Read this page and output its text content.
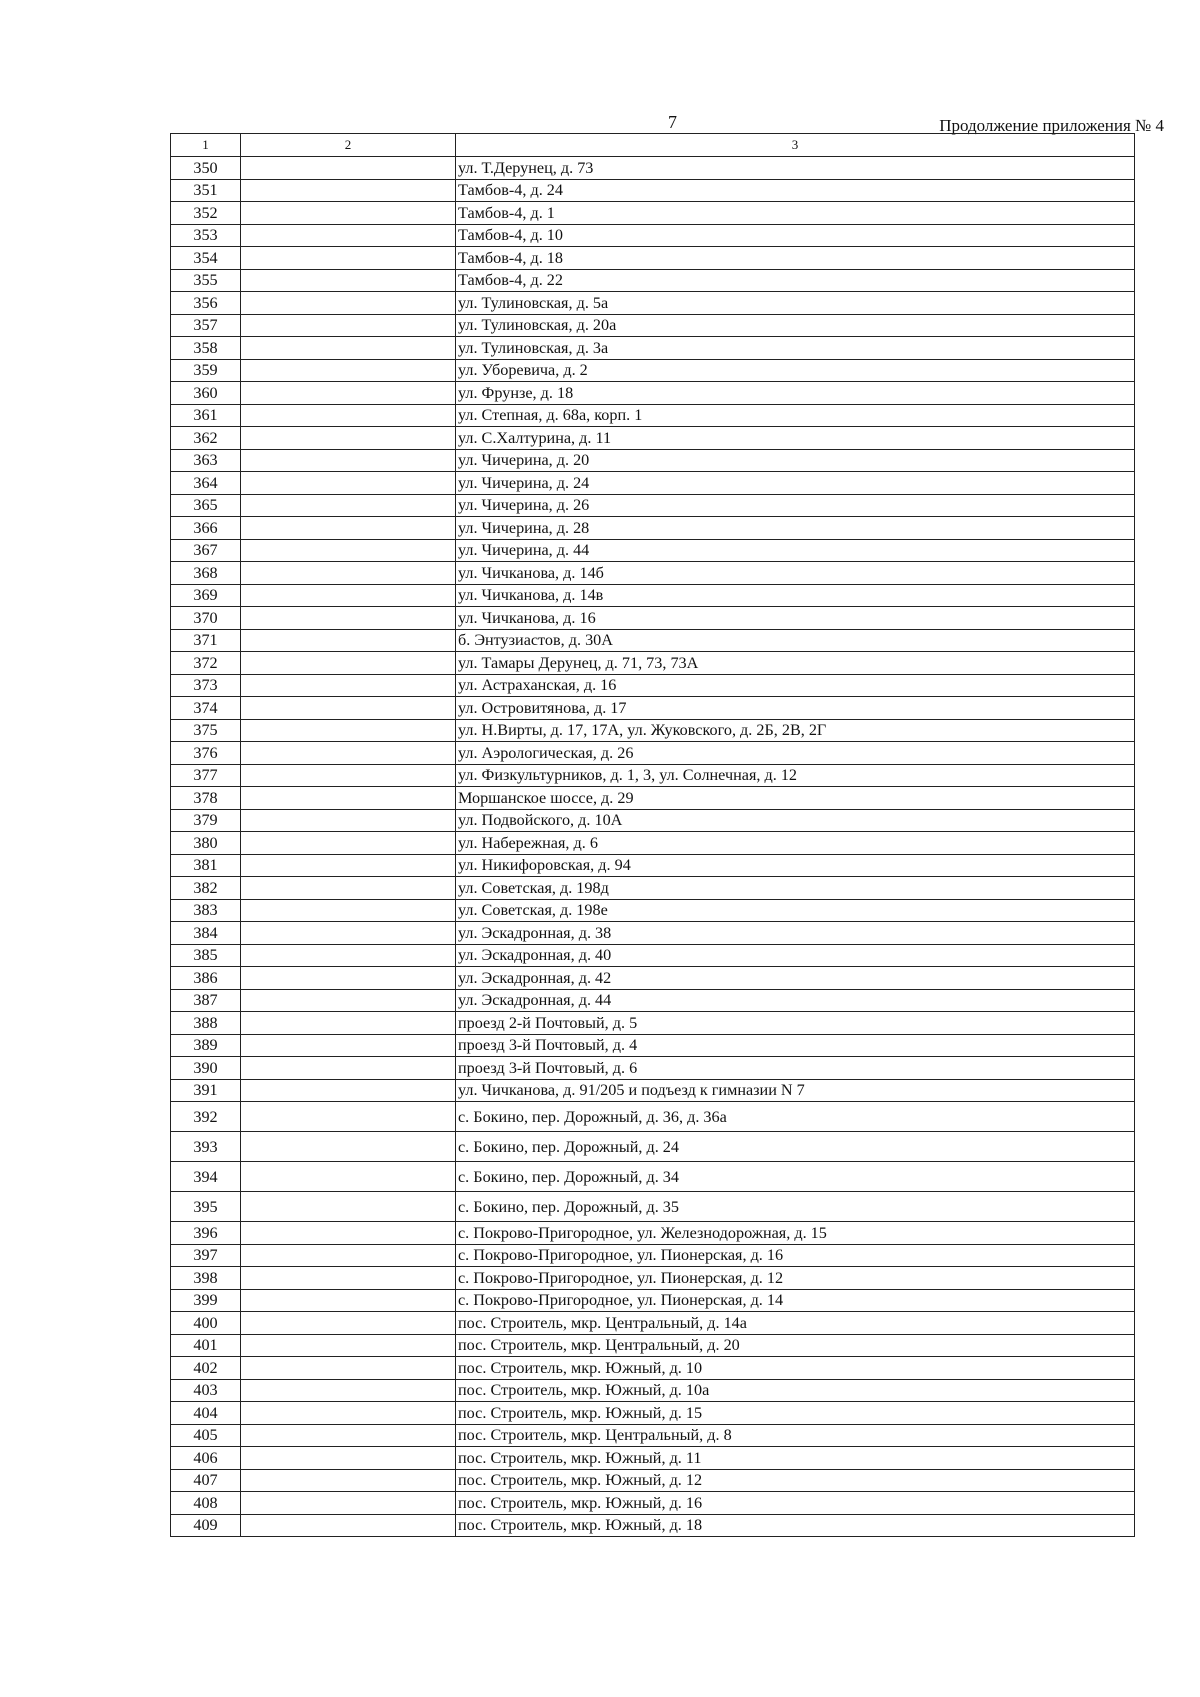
7	Продолжение приложения № 4
1	2	3
350		ул. Т.Дерунец, д. 73
351		Тамбов-4, д. 24
352		Тамбов-4, д. 1
353		Тамбов-4, д. 10
354		Тамбов-4, д. 18
355		Тамбов-4, д. 22
356		ул. Тулиновская, д. 5а
357		ул. Тулиновская, д. 20а
358		ул. Тулиновская, д. 3а
359		ул. Уборевича, д. 2
360		ул. Фрунзе, д. 18
361		ул. Степная, д. 68а, корп. 1
362		ул. С.Халтурина, д. 11
363		ул. Чичерина, д. 20
364		ул. Чичерина, д. 24
365		ул. Чичерина, д. 26
366		ул. Чичерина, д. 28
367		ул. Чичерина, д. 44
368		ул. Чичканова, д. 14б
369		ул. Чичканова, д. 14в
370		ул. Чичканова, д. 16
371		б. Энтузиастов, д. 30А
372		ул. Тамары Дерунец, д. 71, 73, 73А
373		ул. Астраханская, д. 16
374		ул. Островитянова, д. 17
375		ул. Н.Вирты, д. 17, 17А, ул. Жуковского, д. 2Б, 2В, 2Г
376		ул. Аэрологическая, д. 26
377		ул. Физкультурников, д. 1, 3, ул. Солнечная, д. 12
378		Моршанское шоссе, д. 29
379		ул. Подвойского, д. 10А
380		ул. Набережная, д. 6
381		ул. Никифоровская, д. 94
382		ул. Советская, д. 198д
383		ул. Советская, д. 198е
384		ул. Эскадронная, д. 38
385		ул. Эскадронная, д. 40
386		ул. Эскадронная, д. 42
387		ул. Эскадронная, д. 44
388		проезд 2-й Почтовый, д. 5
389		проезд 3-й Почтовый, д. 4
390		проезд 3-й Почтовый, д. 6
391		ул. Чичканова, д. 91/205 и подъезд к гимназии N 7
392		с. Бокино, пер. Дорожный, д. 36, д. 36а
393		с. Бокино, пер. Дорожный, д. 24
394		с. Бокино, пер. Дорожный, д. 34
395		с. Бокино, пер. Дорожный, д. 35
396		с. Покрово-Пригородное, ул. Железнодорожная, д. 15
397		с. Покрово-Пригородное, ул. Пионерская, д. 16
398		с. Покрово-Пригородное, ул. Пионерская, д. 12
399		с. Покрово-Пригородное, ул. Пионерская, д. 14
400		пос. Строитель, мкр. Центральный, д. 14а
401		пос. Строитель, мкр. Центральный, д. 20
402		пос. Строитель, мкр. Южный, д. 10
403		пос. Строитель, мкр. Южный, д. 10а
404		пос. Строитель, мкр. Южный, д. 15
405		пос. Строитель, мкр. Центральный, д. 8
406		пос. Строитель, мкр. Южный, д. 11
407		пос. Строитель, мкр. Южный, д. 12
408		пос. Строитель, мкр. Южный, д. 16
409		пос. Строитель, мкр. Южный, д. 18
